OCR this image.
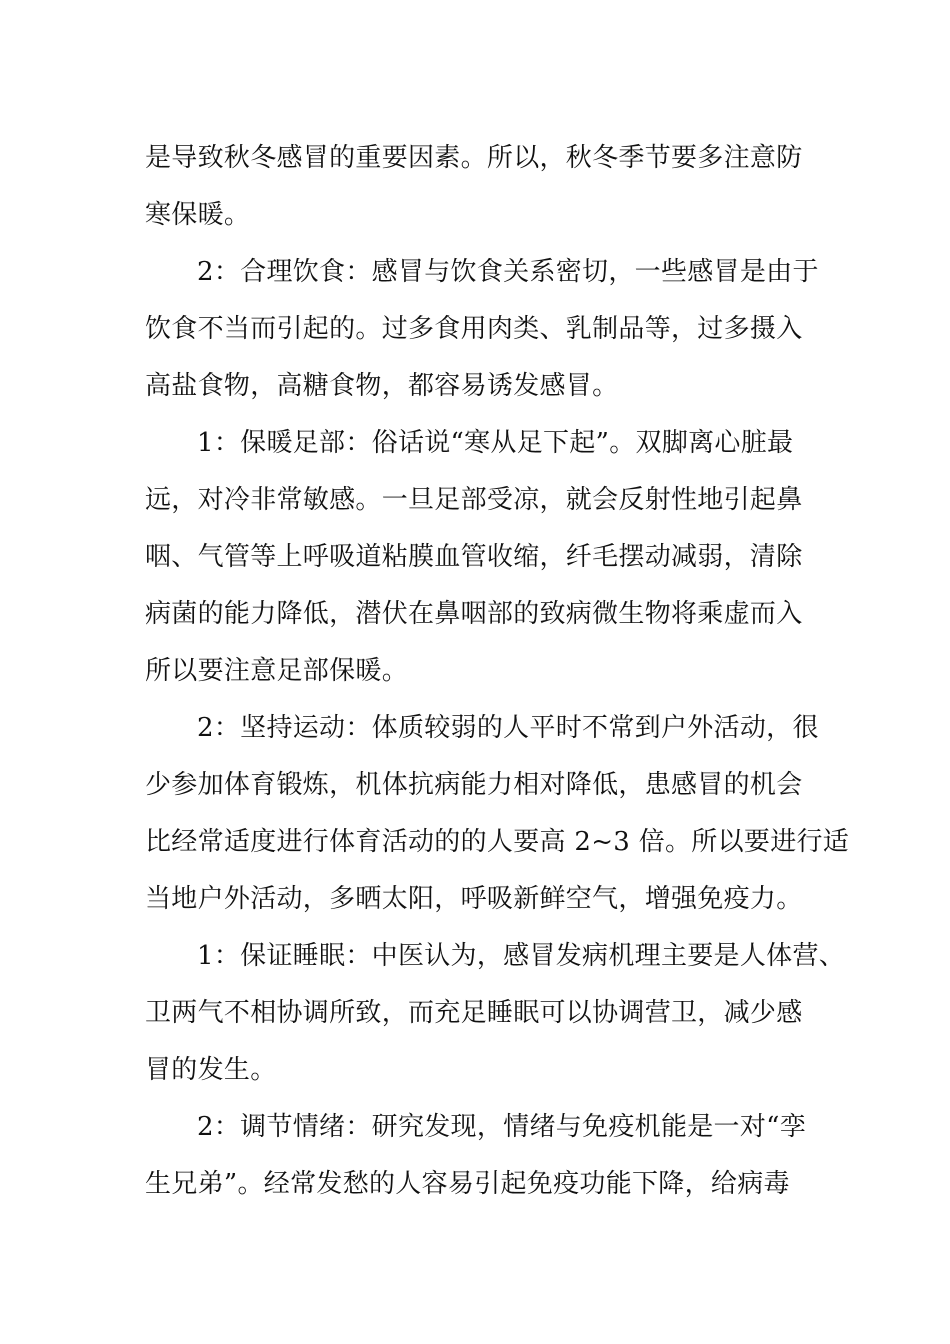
是导致秋冬感冒的重要因素。所以，秋冬季节要多注意防
寒保暖。
2：合理饮食：感冒与饮食关系密切，一些感冒是由于
饮食不当而引起的。过多食用肉类、乳制品等，过多摄入
高盐食物，高糖食物，都容易诱发感冒。
1：保暖足部：俗话说“寒从足下起”。双脚离心脏最
远，对冷非常敏感。一旦足部受凉，就会反射性地引起鼻
咽、气管等上呼吸道粘膜血管收缩，纤毛摆动减弱，清除
病菌的能力降低，潜伏在鼻咽部的致病微生物将乘虚而入
所以要注意足部保暖。
2：坚持运动：体质较弱的人平时不常到户外活动，很
少参加体育锻炼，机体抗病能力相对降低，患感冒的机会
比经常适度进行体育活动的的人要高 2~3 倍。所以要进行适
当地户外活动，多晒太阳，呼吸新鲜空气，增强免疫力。
1：保证睡眠：中医认为，感冒发病机理主要是人体营、
卫两气不相协调所致，而充足睡眠可以协调营卫，减少感
冒的发生。
2：调节情绪：研究发现，情绪与免疫机能是一对“孪
生兄弟”。经常发愁的人容易引起免疫功能下降，给病毒
